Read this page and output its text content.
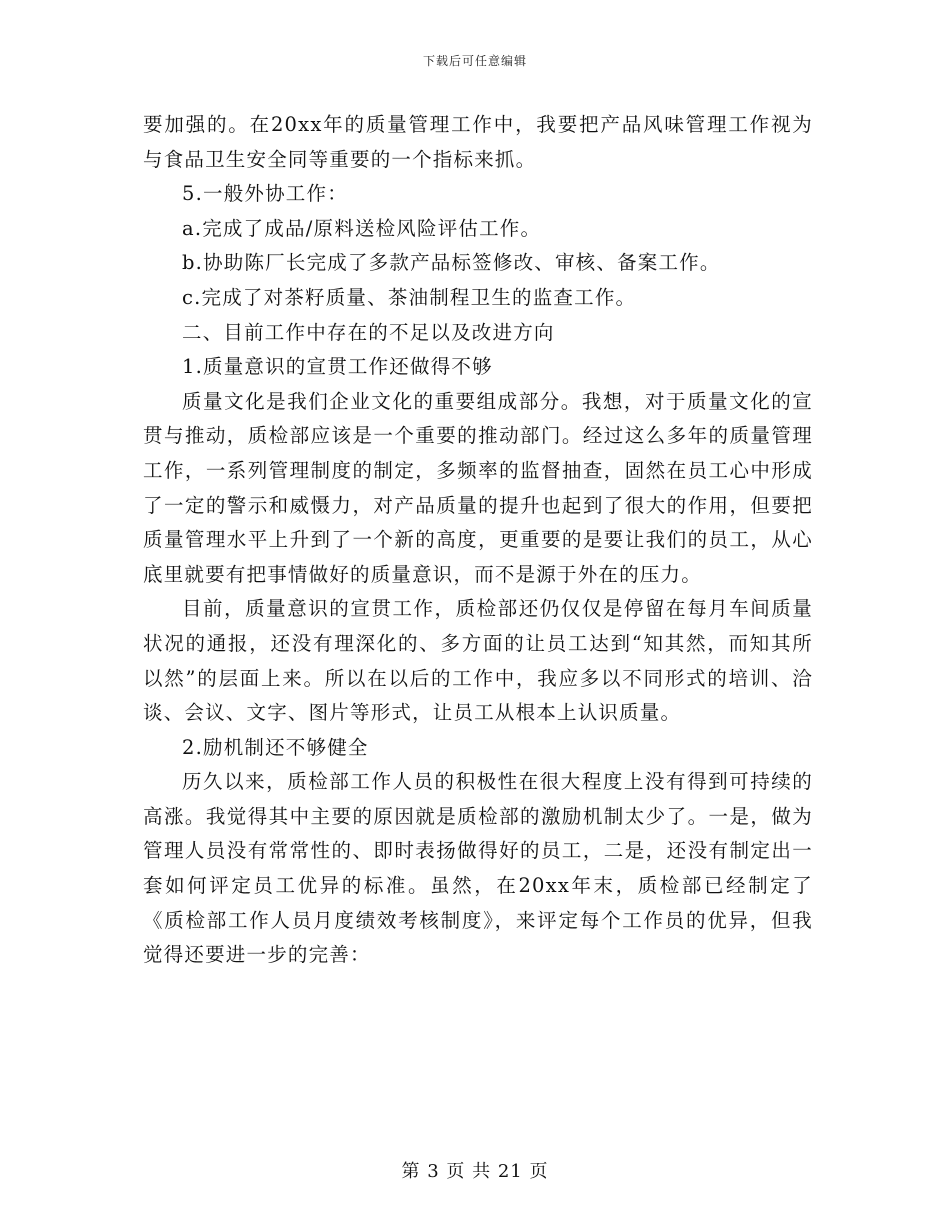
下载后可任意编辑

要加强的。在20xx年的质量管理工作中，我要把产品风味管理工作视为与食品卫生安全同等重要的一个指标来抓。

5.一般外协工作：

a.完成了成品/原料送检风险评估工作。

b.协助陈厂长完成了多款产品标签修改、审核、备案工作。

c.完成了对茶籽质量、茶油制程卫生的监查工作。

二、目前工作中存在的不足以及改进方向

1.质量意识的宣贯工作还做得不够

质量文化是我们企业文化的重要组成部分。我想，对于质量文化的宣贯与推动，质检部应该是一个重要的推动部门。经过这么多年的质量管理工作，一系列管理制度的制定，多频率的监督抽查，固然在员工心中形成了一定的警示和威慑力，对产品质量的提升也起到了很大的作用，但要把质量管理水平上升到了一个新的高度，更重要的是要让我们的员工，从心底里就要有把事情做好的质量意识，而不是源于外在的压力。

目前，质量意识的宣贯工作，质检部还仍仅仅是停留在每月车间质量状况的通报，还没有理深化的、多方面的让员工达到“知其然，而知其所以然”的层面上来。所以在以后的工作中，我应多以不同形式的培训、洽谈、会议、文字、图片等形式，让员工从根本上认识质量。

2.励机制还不够健全

历久以来，质检部工作人员的积极性在很大程度上没有得到可持续的高涨。我觉得其中主要的原因就是质检部的激励机制太少了。一是，做为管理人员没有常常性的、即时表扬做得好的员工，二是，还没有制定出一套如何评定员工优异的标准。虽然，在20xx年末，质检部已经制定了《质检部工作人员月度绩效考核制度》，来评定每个工作员的优异，但我觉得还要进一步的完善：

第 3 页 共 21 页
